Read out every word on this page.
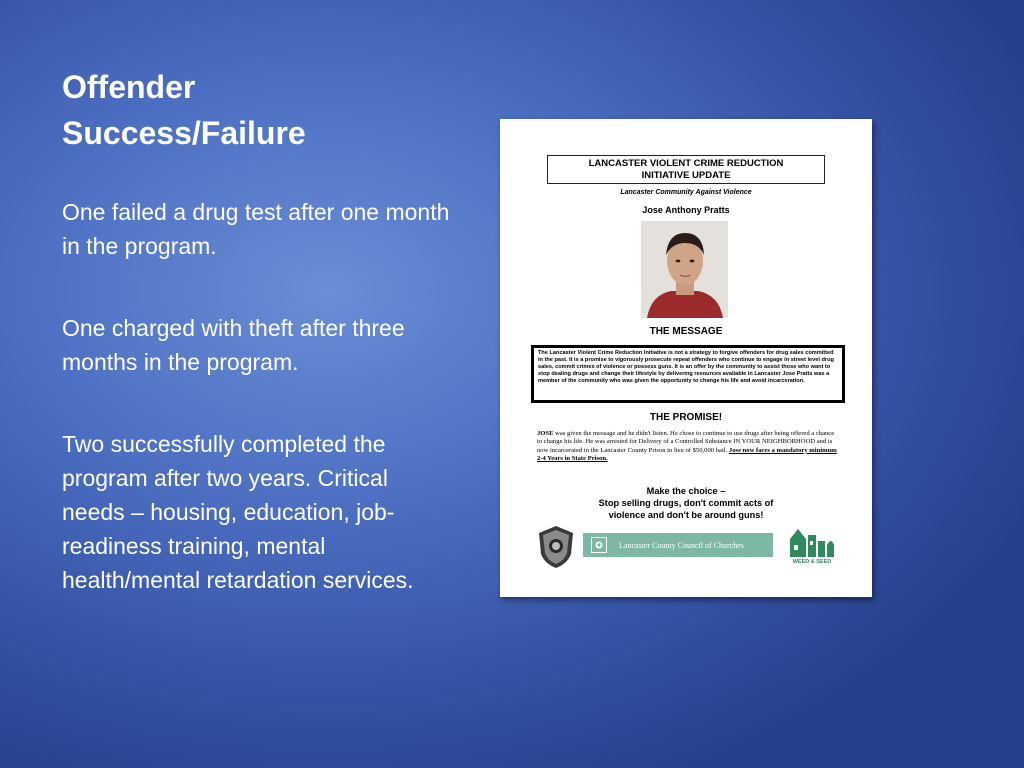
Offender
Success/Failure

One failed a drug test after one month in the program.

One charged with theft after three months in the program.

Two successfully completed the program after two years. Critical needs – housing, education, job-readiness training, mental health/mental retardation services.

LANCASTER VIOLENT CRIME REDUCTION
INITIATIVE UPDATE
Lancaster Community Against Violence
Jose Anthony Pratts
THE MESSAGE
The Lancaster Violent Crime Reduction Initiative is not a strategy to forgive offenders for drug sales committed in the past. It is a promise to vigorously prosecute repeat offenders who continue to engage in street level drug sales, commit crimes of violence or possess guns. It is an offer by the community to assist those who want to stop dealing drugs and change their lifestyle by delivering resources available in Lancaster Jose Pratts was a member of the community who was given the opportunity to change his life and avoid incarceration.
THE PROMISE!
JOSE was given the message and he didn't listen. He chose to continue to use drugs after being offered a chance to change his life. He was arrested for Delivery of a Controlled Substance IN YOUR NEIGHBORHOOD and is now incarcerated in the Lancaster County Prison in lieu of $50,000 bail. Jose now faces a mandatory minimum 2-4 Years in State Prison.
Make the choice –
Stop selling drugs, don't commit acts of
violence and don't be around guns!
Lancaster County Council of Churches
WEED & SEED
